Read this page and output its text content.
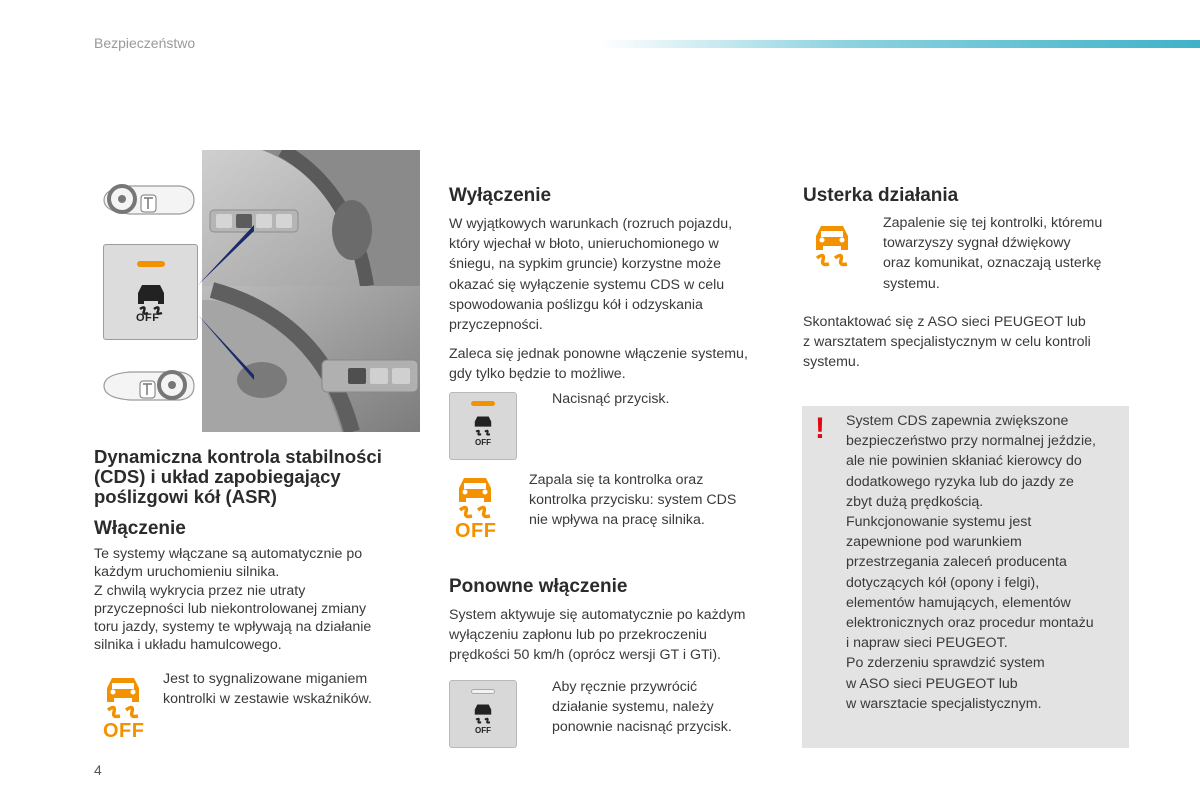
Bezpieczeństwo
OFF
Dynamiczna kontrola stabilności
(CDS) i układ zapobiegający
poślizgowi kół (ASR)
Włączenie

Te systemy włączane są automatycznie po

każdym uruchomieniu silnika.

Z chwilą wykrycia przez nie utraty

przyczepności lub niekontrolowanej zmiany

toru jazdy, systemy te wpływają na działanie

silnika i układu hamulcowego.

OFF

Jest to sygnalizowane miganiem

kontrolki w zestawie wskaźników.

Wyłączenie

W wyjątkowych warunkach (rozruch pojazdu,

który wjechał w błoto, unieruchomionego w

śniegu, na sypkim gruncie) korzystne może

okazać się wyłączenie systemu CDS w celu

spowodowania poślizgu kół i odzyskania

przyczepności.

Zaleca się jednak ponowne włączenie systemu,

gdy tylko będzie to możliwe.

OFF
Nacisnąć przycisk.
OFF

Zapala się ta kontrolka oraz

kontrolka przycisku: system CDS

nie wpływa na pracę silnika.

Ponowne włączenie

System aktywuje się automatycznie po każdym

wyłączeniu zapłonu lub po przekroczeniu

prędkości 50 km/h (oprócz wersji GT i GTi).

OFF

Aby ręcznie przywrócić

działanie systemu, należy

ponownie nacisnąć przycisk.

Usterka działania

Zapalenie się tej kontrolki, któremu

towarzyszy sygnał dźwiękowy

oraz komunikat, oznaczają usterkę

systemu.

Skontaktować się z ASO sieci PEUGEOT lub

z warsztatem specjalistycznym w celu kontroli

systemu.

! System CDS zapewnia zwiększone

bezpieczeństwo przy normalnej jeździe,

ale nie powinien skłaniać kierowcy do

dodatkowego ryzyka lub do jazdy ze

zbyt dużą prędkością.

Funkcjonowanie systemu jest

zapewnione pod warunkiem

przestrzegania zaleceń producenta

dotyczących kół (opony i felgi),

elementów hamujących, elementów

elektronicznych oraz procedur montażu

i napraw sieci PEUGEOT.

Po zderzeniu sprawdzić system

w ASO sieci PEUGEOT lub

w warsztacie specjalistycznym.

4
